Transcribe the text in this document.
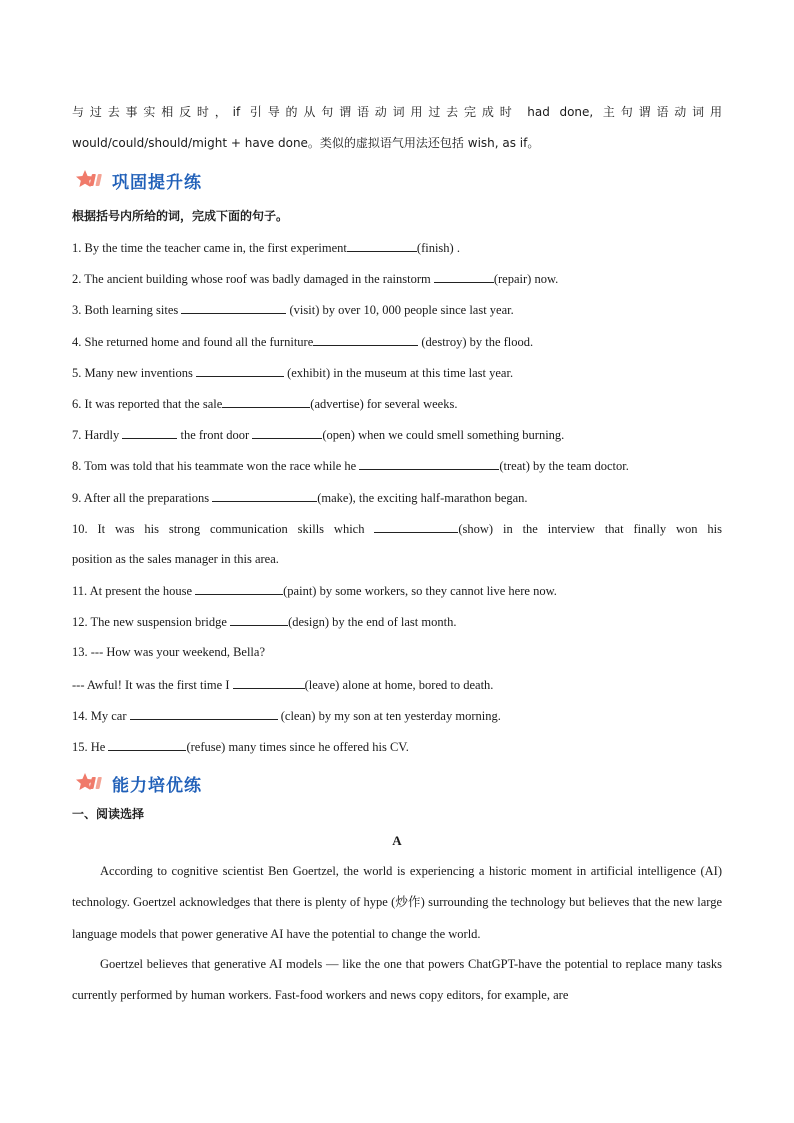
与过去事实相反时，if 引导的从句谓语动词用过去完成时 had done, 主句谓语动词用
would/could/should/might + have done。类似的虚拟语气用法还包括 wish, as if。
巩固提升练
根据括号内所给的词，完成下面的句子。
1. By the time the teacher came in, the first experiment	(finish) .
2. The ancient building whose roof was badly damaged in the rainstorm	(repair) now.
3. Both learning sites	(visit) by over 10, 000 people since last year.
4. She returned home and found all the furniture	(destroy) by the flood.
5. Many new inventions	(exhibit) in the museum at this time last year.
6. It was reported that the sale	(advertise) for several weeks.
7. Hardly	the front door	(open) when we could smell something burning.
8. Tom was told that his teammate won the race while he	(treat) by the team doctor.
9. After all the preparations	(make), the exciting half-marathon began.
10. It was his strong communication skills which	(show) in the interview that finally won his
position as the sales manager in this area.
11. At present the house	(paint) by some workers, so they cannot live here now.
12. The new suspension bridge	(design) by the end of last month.
13. --- How was your weekend, Bella?
--- Awful! It was the first time I	(leave) alone at home, bored to death.
14. My car	(clean) by my son at ten yesterday morning.
15. He	(refuse) many times since he offered his CV.
能力培优练
一、阅读选择
A
According to cognitive scientist Ben Goertzel, the world is experiencing a historic moment in artificial intelligence (AI) technology. Goertzel acknowledges that there is plenty of hype (炒作) surrounding the technology but believes that the new large language models that power generative AI have the potential to change the world.
Goertzel believes that generative AI models — like the one that powers ChatGPT-have the potential to replace many tasks currently performed by human workers. Fast-food workers and news copy editors, for example, are
